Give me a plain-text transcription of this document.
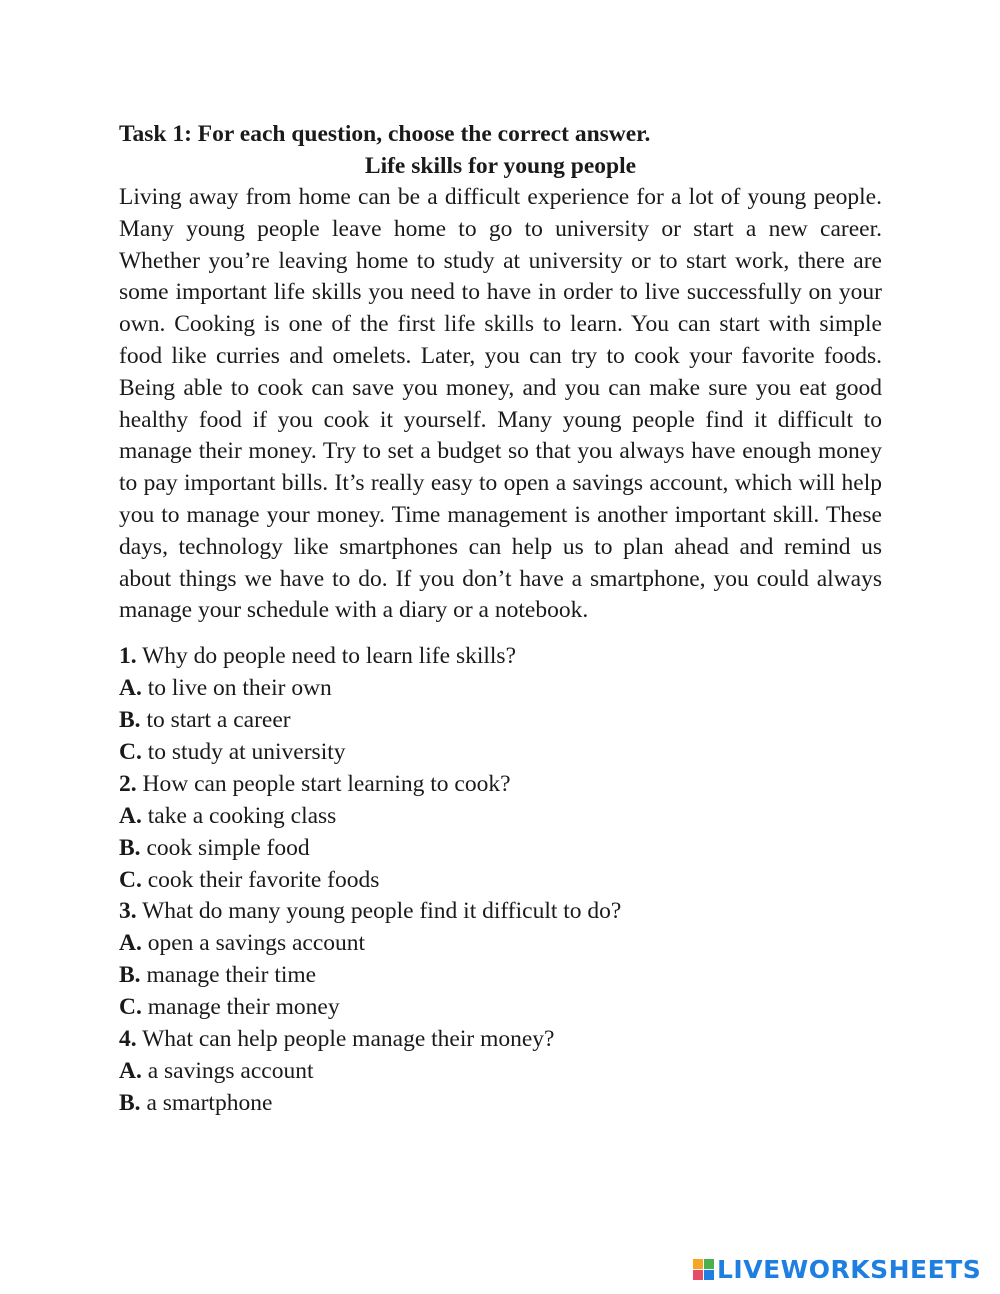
Task 1: For each question, choose the correct answer.

Life skills for young people

Living away from home can be a difficult experience for a lot of young people. Many young people leave home to go to university or start a new career. Whether you’re leaving home to study at university or to start work, there are some important life skills you need to have in order to live successfully on your own. Cooking is one of the first life skills to learn. You can start with simple food like curries and omelets. Later, you can try to cook your favorite foods. Being able to cook can save you money, and you can make sure you eat good healthy food if you cook it yourself. Many young people find it difficult to manage their money. Try to set a budget so that you always have enough money to pay important bills. It’s really easy to open a savings account, which will help you to manage your money. Time management is another important skill. These days, technology like smartphones can help us to plan ahead and remind us about things we have to do. If you don’t have a smartphone, you could always manage your schedule with a diary or a notebook.

1. Why do people need to learn life skills?

A. to live on their own

B. to start a career

C. to study at university

2. How can people start learning to cook?

A. take a cooking class

B. cook simple food

C. cook their favorite foods

3. What do many young people find it difficult to do?

A. open a savings account

B. manage their time

C. manage their money

4. What can help people manage their money?

A. a savings account

B. a smartphone

LIVEWORKSHEETS
